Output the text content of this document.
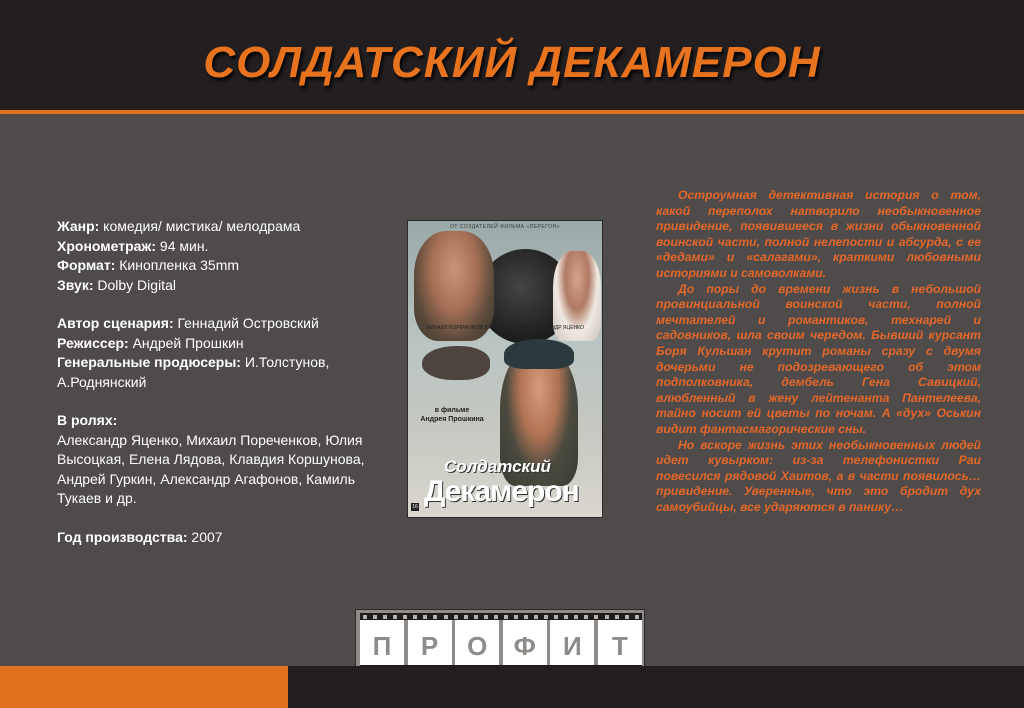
СОЛДАТСКИЙ ДЕКАМЕРОН
Жанр: комедия/ мистика/ мелодрама
Хронометраж: 94 мин.
Формат: Кинопленка 35mm
Звук: Dolby Digital
Автор сценария: Геннадий Островский
Режиссер: Андрей Прошкин
Генеральные продюсеры: И.Толстунов, А.Роднянский
В ролях:
Александр Яценко, Михаил Пореченков, Юлия Высоцкая, Елена Лядова, Клавдия Коршунова, Андрей Гуркин, Александр Агафонов, Камиль Тукаев и др.
Год производства: 2007
ОТ СОЗДАТЕЛЕЙ ФИЛЬМА «ПЕРЕГОН»
МИХАИЛ ПОРЕЧЕНКОВ ЮЛИЯ ВЫСОЦКАЯ АЛЕКСАНДР ЯЦЕНКО
в фильме
Андрея Прошкина
Солдатский
Декамерон
16

Остроумная детективная история о том, какой переполох натворило необыкновенное привидение, появившееся в жизни обыкновенной воинской части, полной нелепости и абсурда, с ее «дедами» и «салагами», краткими любовными историями и самоволками.

До поры до времени жизнь в небольшой провинциальной воинской части, полной мечтателей и романтиков, технарей и садовников, шла своим чередом. Бывший курсант Боря Кульшан крутит романы сразу с двумя дочерьми не подозревающего об этом подполковника, дембель Гена Савицкий, влюбленный в жену лейтенанта Пантелеева, тайно носит ей цветы по ночам. А «дух» Оськин видит фантасмагорические сны.

Но вскоре жизнь этих необыкновенных людей идет кувырком: из-за телефонистки Раи повесился рядовой Хаитов, а в части появилось… привидение. Уверенные, что это бродит дух самоубийцы, все ударяются в панику…

П	Р	О	Ф	И	Т
